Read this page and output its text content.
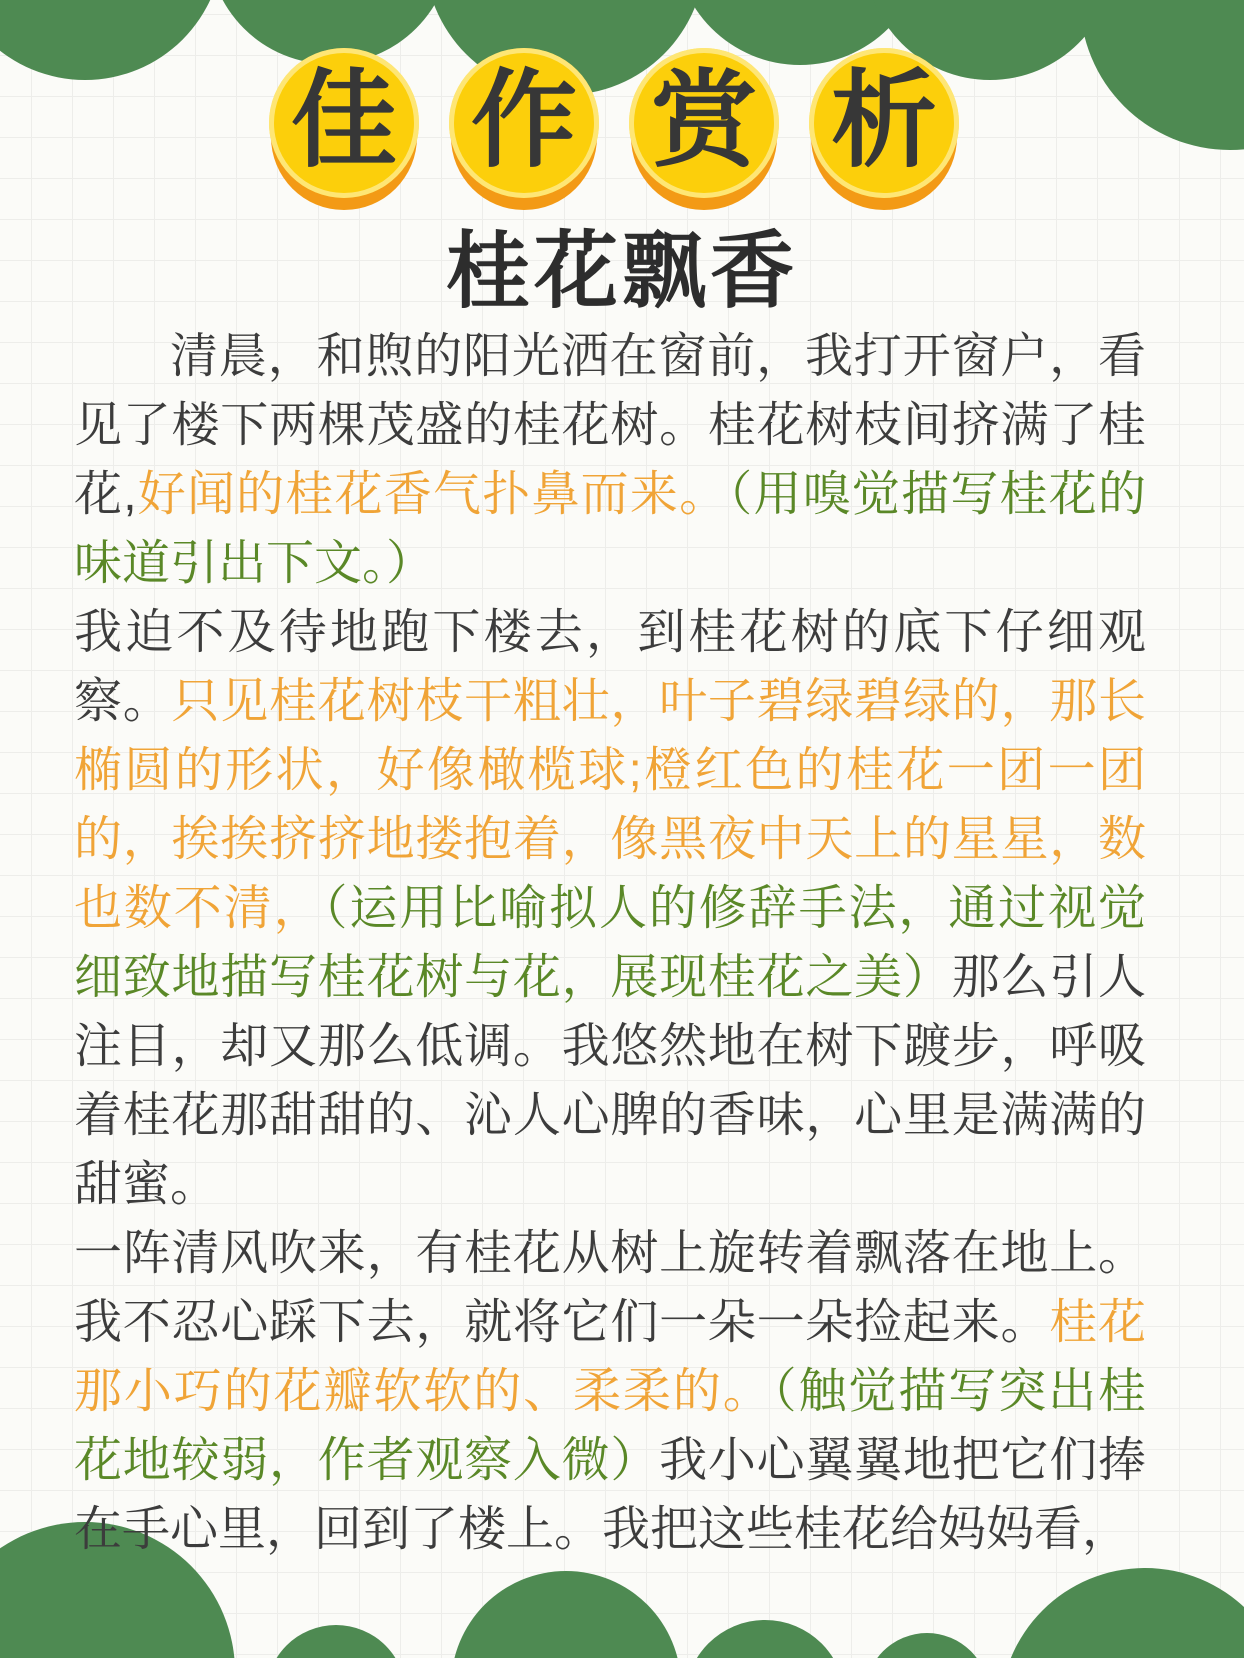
佳 作 赏 析
桂花飘香

清晨，和煦的阳光洒在窗前，我打开窗户，看见了楼下两棵茂盛的桂花树。桂花树枝间挤满了桂花,好闻的桂花香气扑鼻而来。（用嗅觉描写桂花的味道引出下文。）

我迫不及待地跑下楼去，到桂花树的底下仔细观察。只见桂花树枝干粗壮，叶子碧绿碧绿的，那长椭圆的形状，好像橄榄球;橙红色的桂花一团一团的，挨挨挤挤地搂抱着，像黑夜中天上的星星，数也数不清，（运用比喻拟人的修辞手法，通过视觉细致地描写桂花树与花，展现桂花之美）那么引人注目，却又那么低调。我悠然地在树下踱步，呼吸着桂花那甜甜的、沁人心脾的香味，心里是满满的甜蜜。

一阵清风吹来，有桂花从树上旋转着飘落在地上。我不忍心踩下去，就将它们一朵一朵捡起来。桂花那小巧的花瓣软软的、柔柔的。（触觉描写突出桂花地较弱，作者观察入微）我小心翼翼地把它们捧在手心里，回到了楼上。我把这些桂花给妈妈看，
